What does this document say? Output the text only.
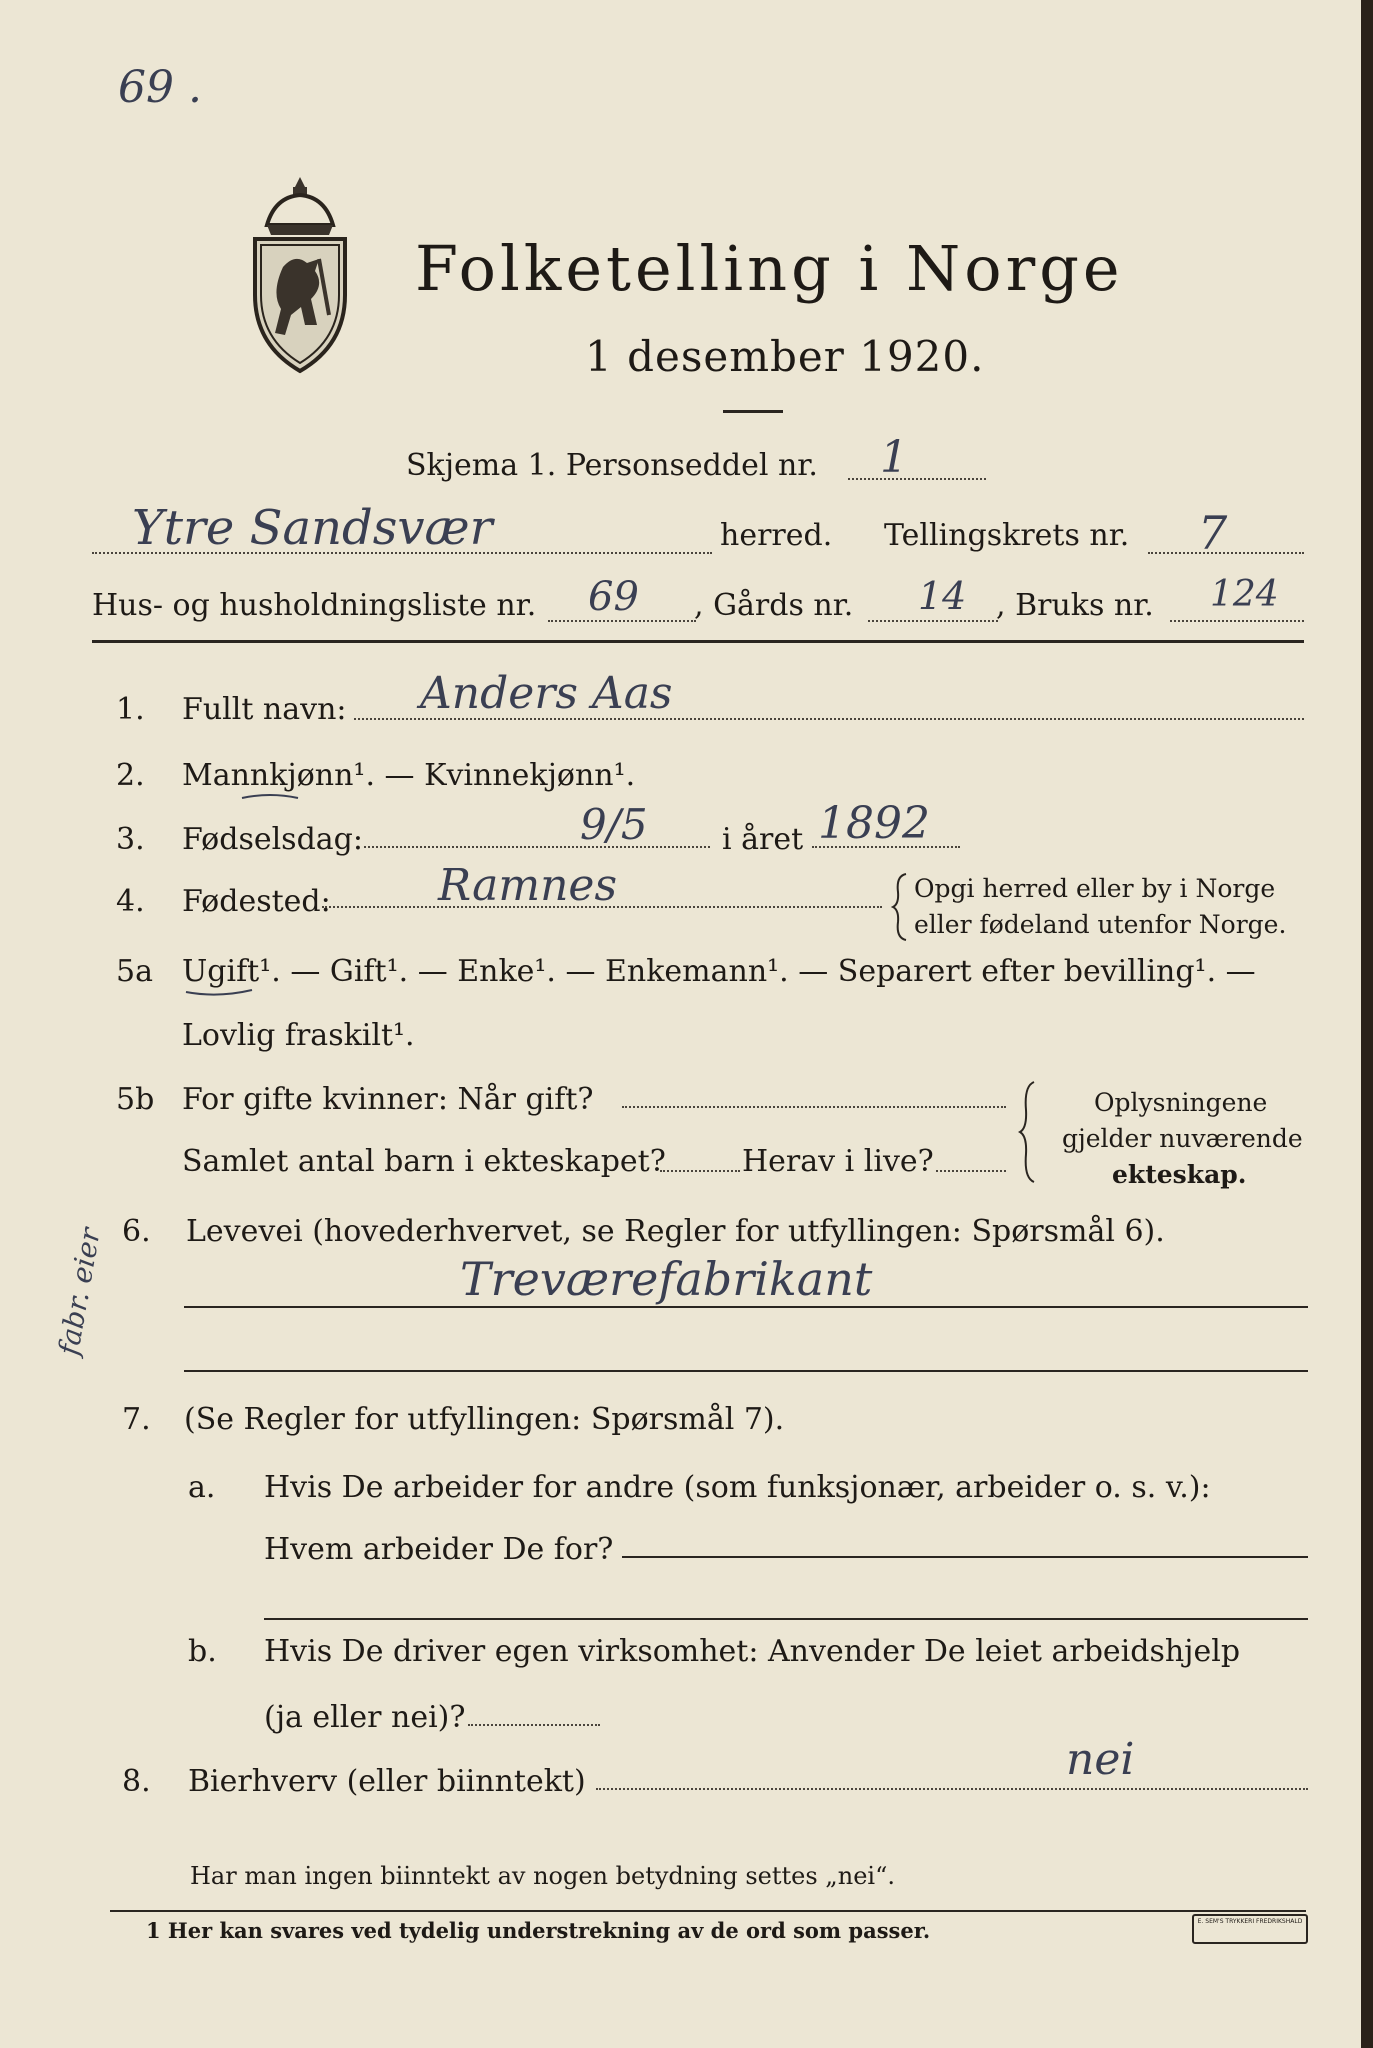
69 .
Folketelling i Norge
1 desember 1920.
Skjema 1. Personseddel nr. 1
Ytre Sandsvær	herred. Tellingskrets nr. 7
Hus- og husholdningsliste nr. 69 , Gårds nr. 14 , Bruks nr. 124
1. Fullt navn: Anders Aas
2. Mannkjønn¹. — Kvinnekjønn¹.
3. Fødselsdag:	9/5 i året 1892
4. Fødested: Ramnes	Opgi herred eller by i Norge
eller fødeland utenfor Norge.
5a Ugift¹. — Gift¹. — Enke¹. — Enkemann¹. — Separert efter bevilling¹. —
Lovlig fraskilt¹.
5b For gifte kvinner: Når gift?
Samlet antal barn i ekteskapet?	Herav i live?
Oplysningene
gjelder nuværende
ekteskap.
6. Levevei (hovederhvervet, se Regler for utfyllingen: Spørsmål 6).
fabr. eier	Treværefabrikant
7. (Se Regler for utfyllingen: Spørsmål 7).
a. Hvis De arbeider for andre (som funksjonær, arbeider o. s. v.):
Hvem arbeider De for?
b. Hvis De driver egen virksomhet: Anvender De leiet arbeidshjelp
(ja eller nei)?
8. Bierhverv (eller biinntekt)	nei
Har man ingen biinntekt av nogen betydning settes „nei“.
1 Her kan svares ved tydelig understrekning av de ord som passer.	E. SEM'S TRYKKERI FREDRIKSHALD
